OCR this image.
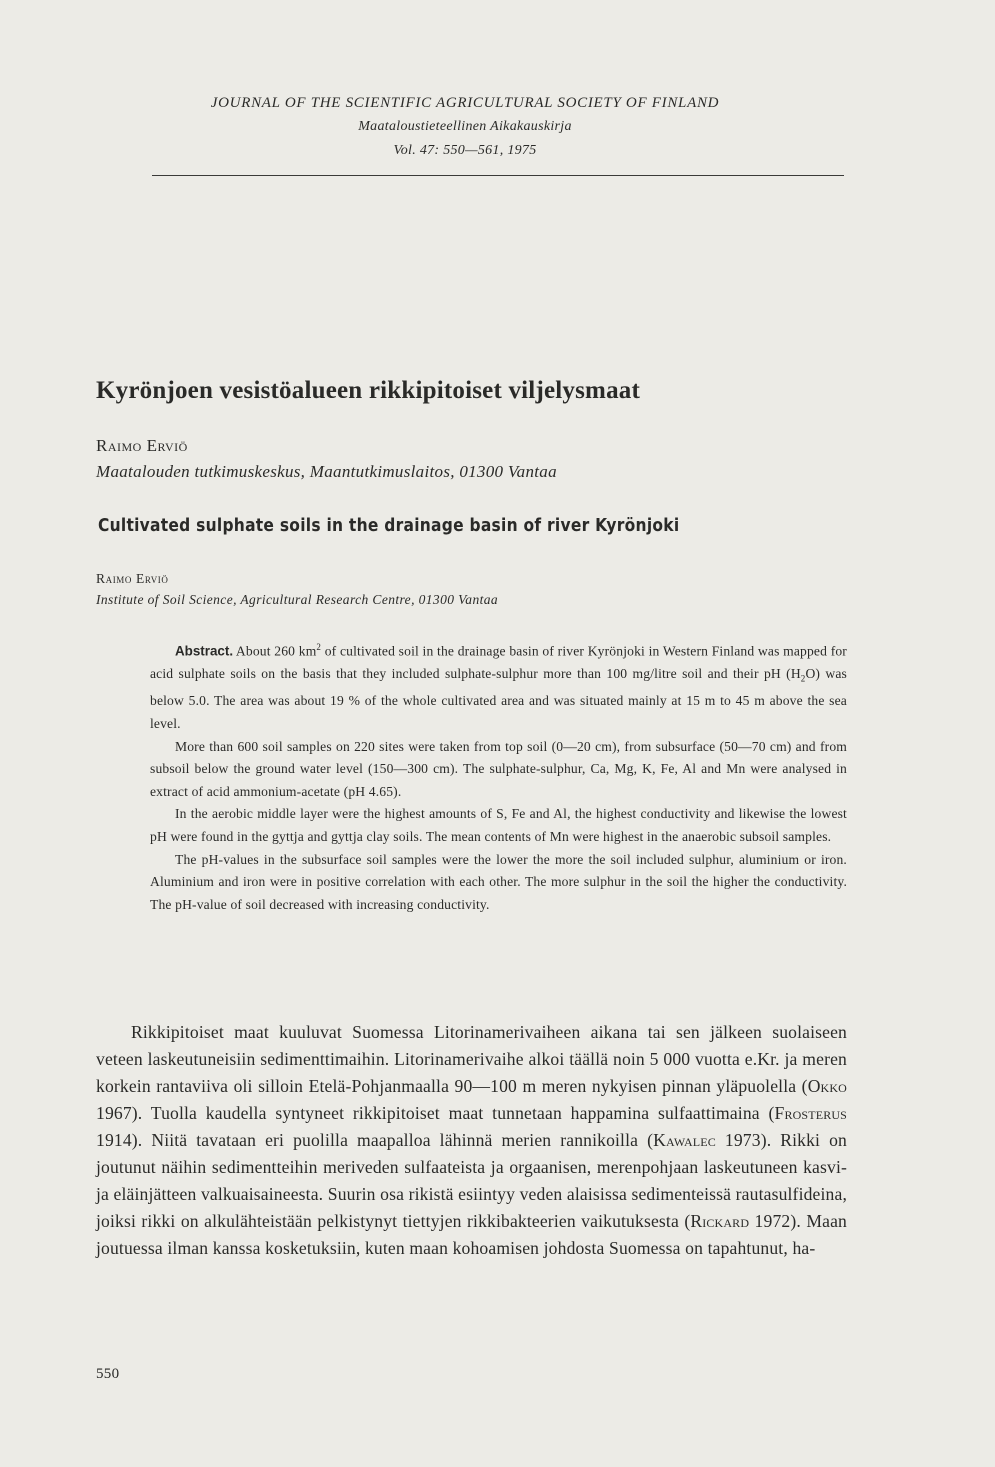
JOURNAL OF THE SCIENTIFIC AGRICULTURAL SOCIETY OF FINLAND
Maataloustieteellinen Aikakauskirja
Vol. 47: 550—561, 1975
Kyrönjoen vesistöalueen rikkipitoiset viljelysmaat
Raimo Erviö
Maatalouden tutkimuskeskus, Maantutkimuslaitos, 01300 Vantaa
Cultivated sulphate soils in the drainage basin of river Kyrönjoki
Raimo Erviö
Institute of Soil Science, Agricultural Research Centre, 01300 Vantaa

Abstract. About 260 $km^2$ of cultivated soil in the drainage basin of river Kyrönjoki in Western Finland was mapped for acid sulphate soils on the basis that they included sulphate-sulphur more than 100 mg/litre soil and their pH $(H_2O)$ was below 5.0. The area was about 19 % of the whole cultivated area and was situated mainly at 15 m to 45 m above the sea level.

More than 600 soil samples on 220 sites were taken from top soil (0—20 cm), from subsurface (50—70 cm) and from subsoil below the ground water level (150—300 cm). The sulphate-sulphur, Ca, Mg, K, Fe, Al and Mn were analysed in extract of acid ammonium-acetate (pH 4.65).

In the aerobic middle layer were the highest amounts of S, Fe and Al, the highest conductivity and likewise the lowest pH were found in the gyttja and gyttja clay soils. The mean contents of Mn were highest in the anaerobic subsoil samples.

The pH-values in the subsurface soil samples were the lower the more the soil included sulphur, aluminium or iron. Aluminium and iron were in positive correlation with each other. The more sulphur in the soil the higher the conductivity. The pH-value of soil decreased with increasing conductivity.

Rikkipitoiset maat kuuluvat Suomessa Litorinamerivaiheen aikana tai sen jälkeen suolaiseen veteen laskeutuneisiin sedimenttimaihin. Litorinamerivaihe alkoi täällä noin 5 000 vuotta e.Kr. ja meren korkein rantaviiva oli silloin Etelä-Pohjanmaalla 90—100 m meren nykyisen pinnan yläpuolella (Okko 1967). Tuolla kaudella syntyneet rikkipitoiset maat tunnetaan happamina sulfaattimaina (Frosterus 1914). Niitä tavataan eri puolilla maapalloa lähinnä merien rannikoilla (Kawalec 1973). Rikki on joutunut näihin sedimentteihin meriveden sulfaateista ja orgaanisen, merenpohjaan laskeutuneen kasvi- ja eläinjätteen valkuaisaineesta. Suurin osa rikistä esiintyy veden alaisissa sedimenteissä rautasulfideina, joiksi rikki on alkulähteistään pelkistynyt tiettyjen rikkibakteerien vaikutuksesta (Rickard 1972). Maan joutuessa ilman kanssa kosketuksiin, kuten maan kohoamisen johdosta Suomessa on tapahtunut, ha-

550
